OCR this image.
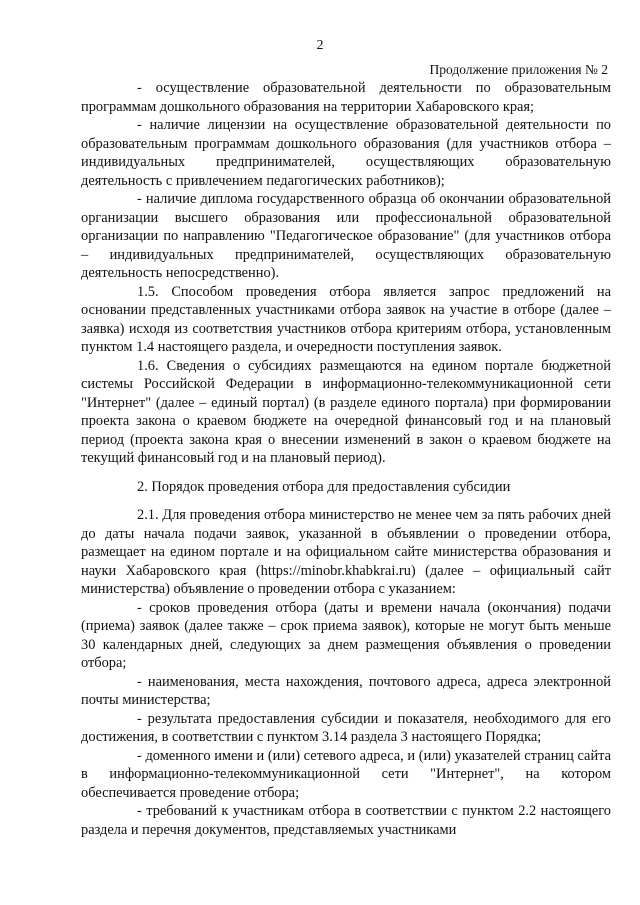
2
Продолжение приложения № 2

- осуществление образовательной деятельности по образовательным программам дошкольного образования на территории Хабаровского края;

- наличие лицензии на осуществление образовательной деятельности по образовательным программам дошкольного образования (для участников отбора – индивидуальных предпринимателей, осуществляющих образовательную деятельность с привлечением педагогических работников);

- наличие диплома государственного образца об окончании образовательной организации высшего образования или профессиональной образовательной организации по направлению "Педагогическое образование" (для участников отбора – индивидуальных предпринимателей, осуществляющих образовательную деятельность непосредственно).

1.5. Способом проведения отбора является запрос предложений на основании представленных участниками отбора заявок на участие в отборе (далее – заявка) исходя из соответствия участников отбора критериям отбора, установленным пунктом 1.4 настоящего раздела, и очередности поступления заявок.

1.6. Сведения о субсидиях размещаются на едином портале бюджетной системы Российской Федерации в информационно-телекоммуникационной сети "Интернет" (далее – единый портал) (в разделе единого портала) при формировании проекта закона о краевом бюджете на очередной финансовый год и на плановый период (проекта закона края о внесении изменений в закон о краевом бюджете на текущий финансовый год и на плановый период).

2. Порядок проведения отбора для предоставления субсидии

2.1. Для проведения отбора министерство не менее чем за пять рабочих дней до даты начала подачи заявок, указанной в объявлении о проведении отбора, размещает на едином портале и на официальном сайте министерства образования и науки Хабаровского края (https://minobr.khabkrai.ru) (далее – официальный сайт министерства) объявление о проведении отбора с указанием:

- сроков проведения отбора (даты и времени начала (окончания) подачи (приема) заявок (далее также – срок приема заявок), которые не могут быть меньше 30 календарных дней, следующих за днем размещения объявления о проведении отбора;

- наименования, места нахождения, почтового адреса, адреса электронной почты министерства;

- результата предоставления субсидии и показателя, необходимого для его достижения, в соответствии с пунктом 3.14 раздела 3 настоящего Порядка;

- доменного имени и (или) сетевого адреса, и (или) указателей страниц сайта в информационно-телекоммуникационной сети "Интернет", на котором обеспечивается проведение отбора;

- требований к участникам отбора в соответствии с пунктом 2.2 настоящего раздела и перечня документов, представляемых участниками
